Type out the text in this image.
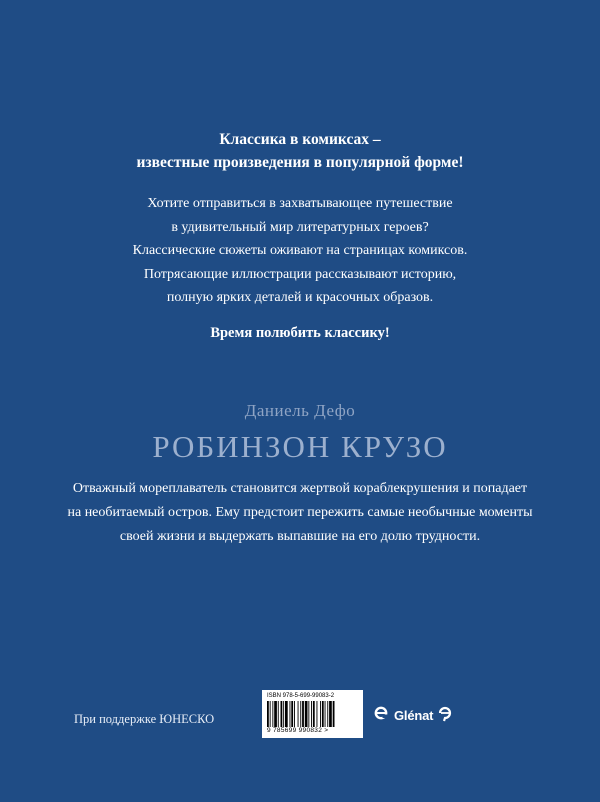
Классика в комиксах –
известные произведения в популярной форме!
Хотите отправиться в захватывающее путешествие
в удивительный мир литературных героев?
Классические сюжеты оживают на страницах комиксов.
Потрясающие иллюстрации рассказывают историю,
полную ярких деталей и красочных образов.
Время полюбить классику!
Даниель Дефо
РОБИНЗОН КРУЗО
Отважный мореплаватель становится жертвой кораблекрушения и попадает
на необитаемый остров. Ему предстоит пережить самые необычные моменты
своей жизни и выдержать выпавшие на его долю трудности.
При поддержке ЮНЕСКО
ISBN 978-5-699-99083-2
9 785699 990832 >
Glénat
